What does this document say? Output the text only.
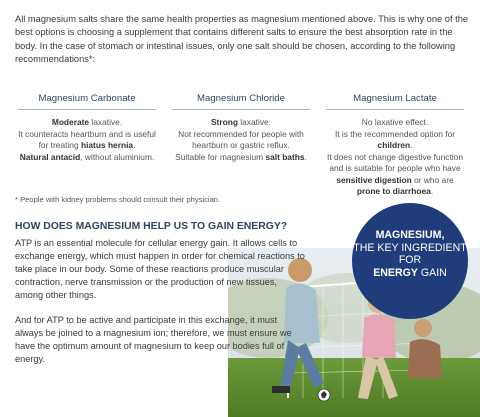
All magnesium salts share the same health properties as magnesium mentioned above. This is why one of the best options is choosing a supplement that contains different salts to ensure the best absorption rate in the body. In the case of stomach or intestinal issues, only one salt should be chosen, according to the following recommendations*:
Magnesium Carbonate

Moderate laxative.

It counteracts heartburn and is useful for treating hiatus hernia.

Natural antacid, without aluminium.

Magnesium Chloride

Strong laxative.

Not recommended for people with heartburn or gastric reflux.

Suitable for magnesium salt baths.

Magnesium Lactate

No laxative effect.

It is the recommended option for children.

It does not change digestive function and is suitable for people who have sensitive digestion or who are prone to diarrhoea.

* People with kidney problems should consult their physician.
HOW DOES MAGNESIUM HELP US TO GAIN ENERGY?
ATP is an essential molecule for cellular energy gain. It allows cells to exchange energy, which must happen in order for chemical reactions to take place in our body. Some of these reactions produce muscular contraction, nerve transmission or the production of new tissues, among other things.
And for ATP to be active and participate in this exchange, it must always be joined to a magnesium ion; therefore, we must ensure we have the optimum amount of magnesium to keep our bodies full of energy.
MAGNESIUM,
THE KEY INGREDIENT FOR
ENERGY GAIN
